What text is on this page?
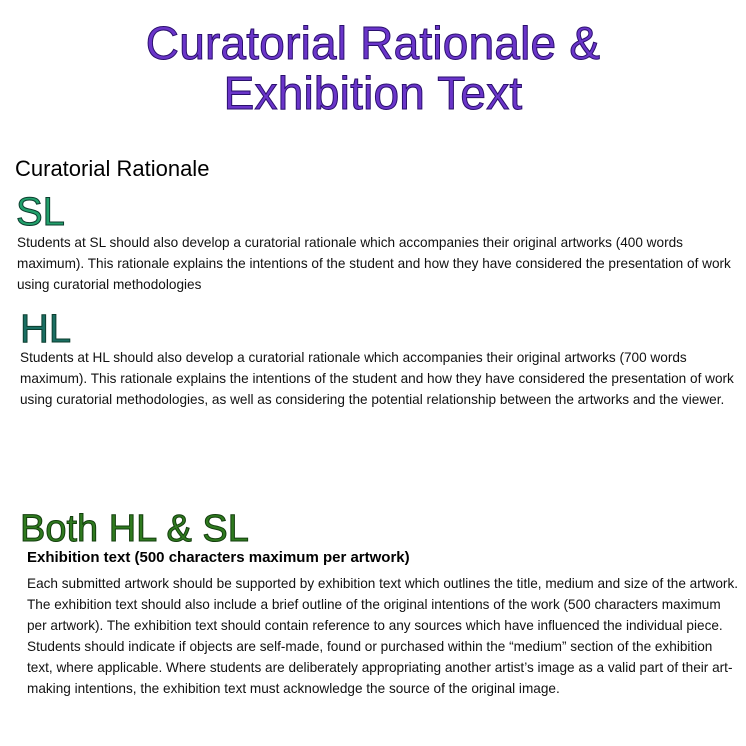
Curatorial Rationale &
Exhibition Text
Curatorial Rationale
SL

Students at SL should also develop a curatorial rationale which accompanies their original artworks (400 words maximum). This rationale explains the intentions of the student and how they have considered the presentation of work using curatorial methodologies

HL

Students at HL should also develop a curatorial rationale which accompanies their original artworks (700 words maximum). This rationale explains the intentions of the student and how they have considered the presentation of work using curatorial methodologies, as well as considering the potential relationship between the artworks and the viewer.

Both HL & SL
Exhibition text (500 characters maximum per artwork)

Each submitted artwork should be supported by exhibition text which outlines the title, medium and size of the artwork. The exhibition text should also include a brief outline of the original intentions of the work (500 characters maximum per artwork). The exhibition text should contain reference to any sources which have influenced the individual piece. Students should indicate if objects are self-made, found or purchased within the “medium” section of the exhibition text, where applicable. Where students are deliberately appropriating another artist’s image as a valid part of their art-making intentions, the exhibition text must acknowledge the source of the original image.
